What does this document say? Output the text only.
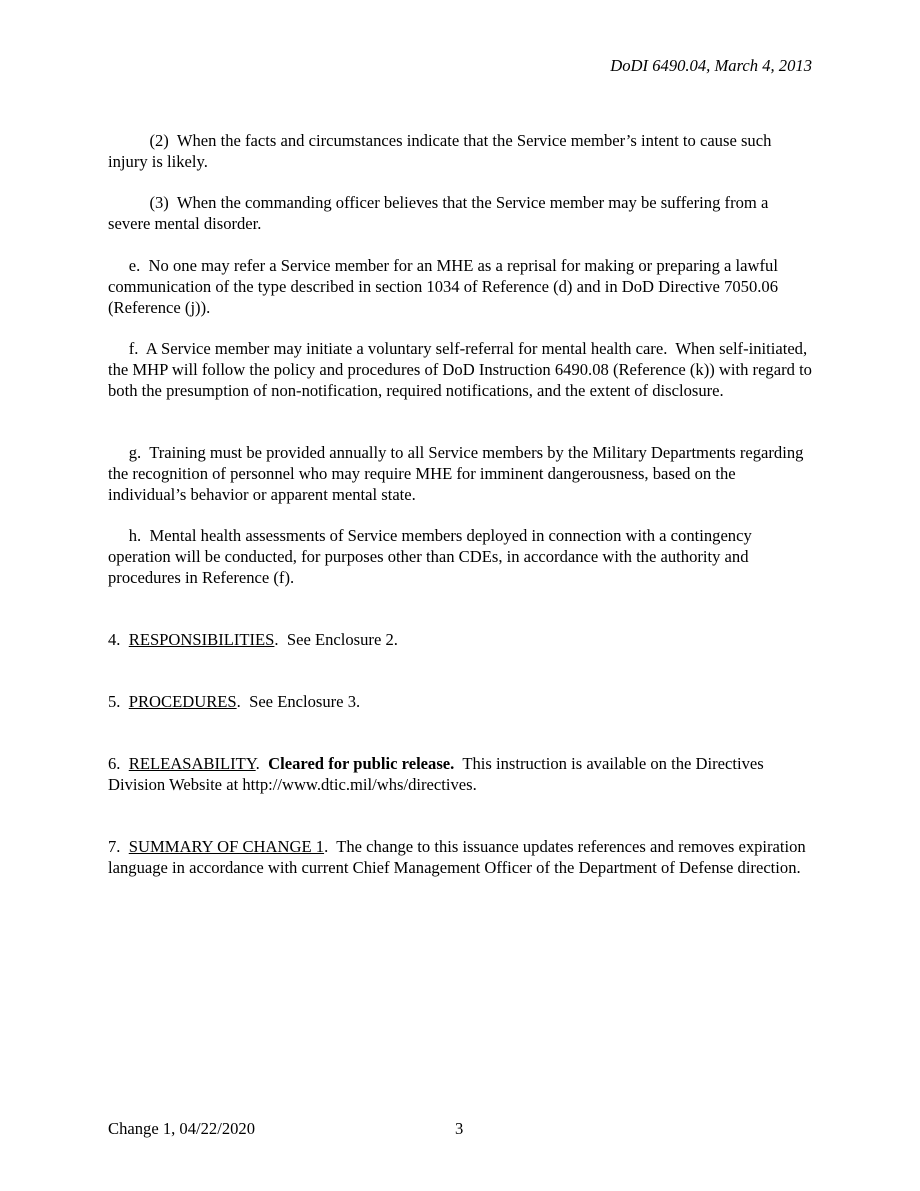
DoDI 6490.04, March 4, 2013

(2)  When the facts and circumstances indicate that the Service member’s intent to cause such injury is likely.

(3)  When the commanding officer believes that the Service member may be suffering from a severe mental disorder.

e.  No one may refer a Service member for an MHE as a reprisal for making or preparing a lawful communication of the type described in section 1034 of Reference (d) and in DoD Directive 7050.06 (Reference (j)).

f.  A Service member may initiate a voluntary self-referral for mental health care.  When self-initiated, the MHP will follow the policy and procedures of DoD Instruction 6490.08 (Reference (k)) with regard to both the presumption of non-notification, required notifications, and the extent of disclosure.

g.  Training must be provided annually to all Service members by the Military Departments regarding the recognition of personnel who may require MHE for imminent dangerousness, based on the individual’s behavior or apparent mental state.

h.  Mental health assessments of Service members deployed in connection with a contingency operation will be conducted, for purposes other than CDEs, in accordance with the authority and procedures in Reference (f).

4.  RESPONSIBILITIES.  See Enclosure 2.

5.  PROCEDURES.  See Enclosure 3.

6.  RELEASABILITY.  Cleared for public release.  This instruction is available on the Directives Division Website at http://www.dtic.mil/whs/directives.

7.  SUMMARY OF CHANGE 1.  The change to this issuance updates references and removes expiration language in accordance with current Chief Management Officer of the Department of Defense direction.

Change 1, 04/22/2020	3
